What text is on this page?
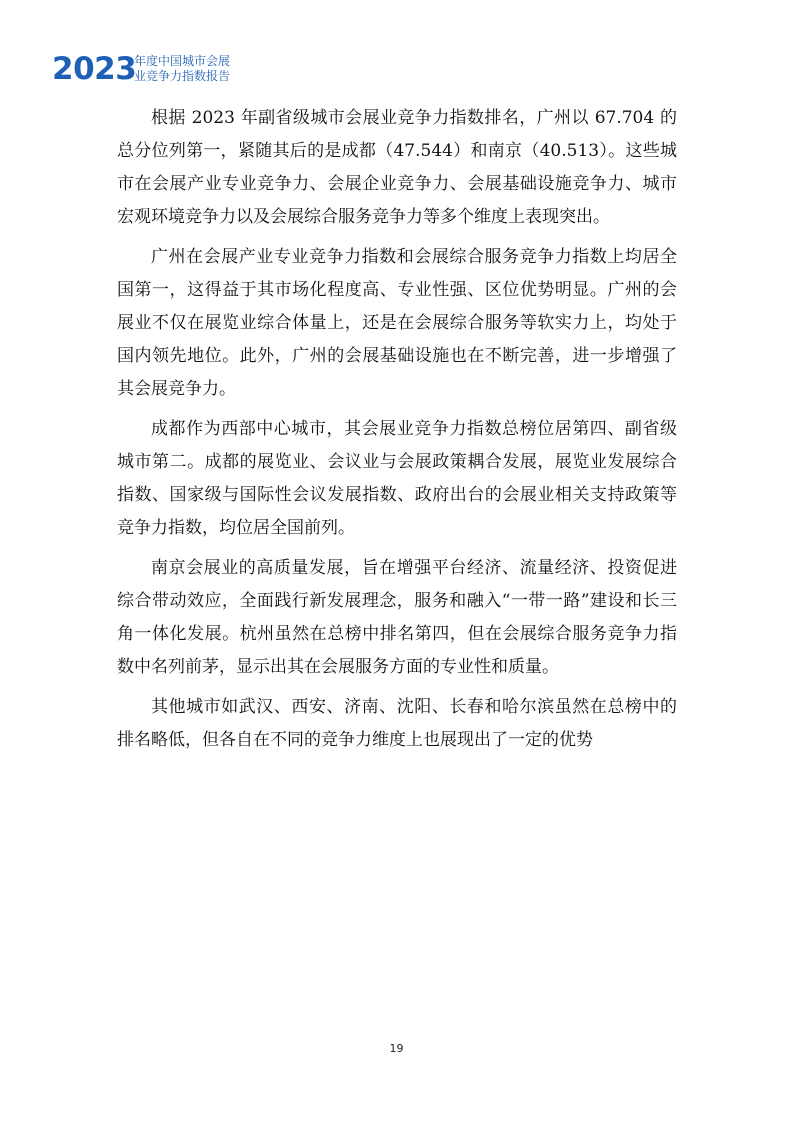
2023
年度中国城市会展
业竞争力指数报告

根据 2023 年副省级城市会展业竞争力指数排名，广州以 67.704 的总分位列第一，紧随其后的是成都（47.544）和南京（40.513）。这些城市在会展产业专业竞争力、会展企业竞争力、会展基础设施竞争力、城市宏观环境竞争力以及会展综合服务竞争力等多个维度上表现突出。

广州在会展产业专业竞争力指数和会展综合服务竞争力指数上均居全国第一，这得益于其市场化程度高、专业性强、区位优势明显。广州的会展业不仅在展览业综合体量上，还是在会展综合服务等软实力上，均处于国内领先地位。此外，广州的会展基础设施也在不断完善，进一步增强了其会展竞争力。

成都作为西部中心城市，其会展业竞争力指数总榜位居第四、副省级城市第二。成都的展览业、会议业与会展政策耦合发展，展览业发展综合指数、国家级与国际性会议发展指数、政府出台的会展业相关支持政策等竞争力指数，均位居全国前列。

南京会展业的高质量发展，旨在增强平台经济、流量经济、投资促进综合带动效应，全面践行新发展理念，服务和融入“一带一路”建设和长三角一体化发展。杭州虽然在总榜中排名第四，但在会展综合服务竞争力指数中名列前茅，显示出其在会展服务方面的专业性和质量。

其他城市如武汉、西安、济南、沈阳、长春和哈尔滨虽然在总榜中的排名略低，但各自在不同的竞争力维度上也展现出了一定的优势

19
